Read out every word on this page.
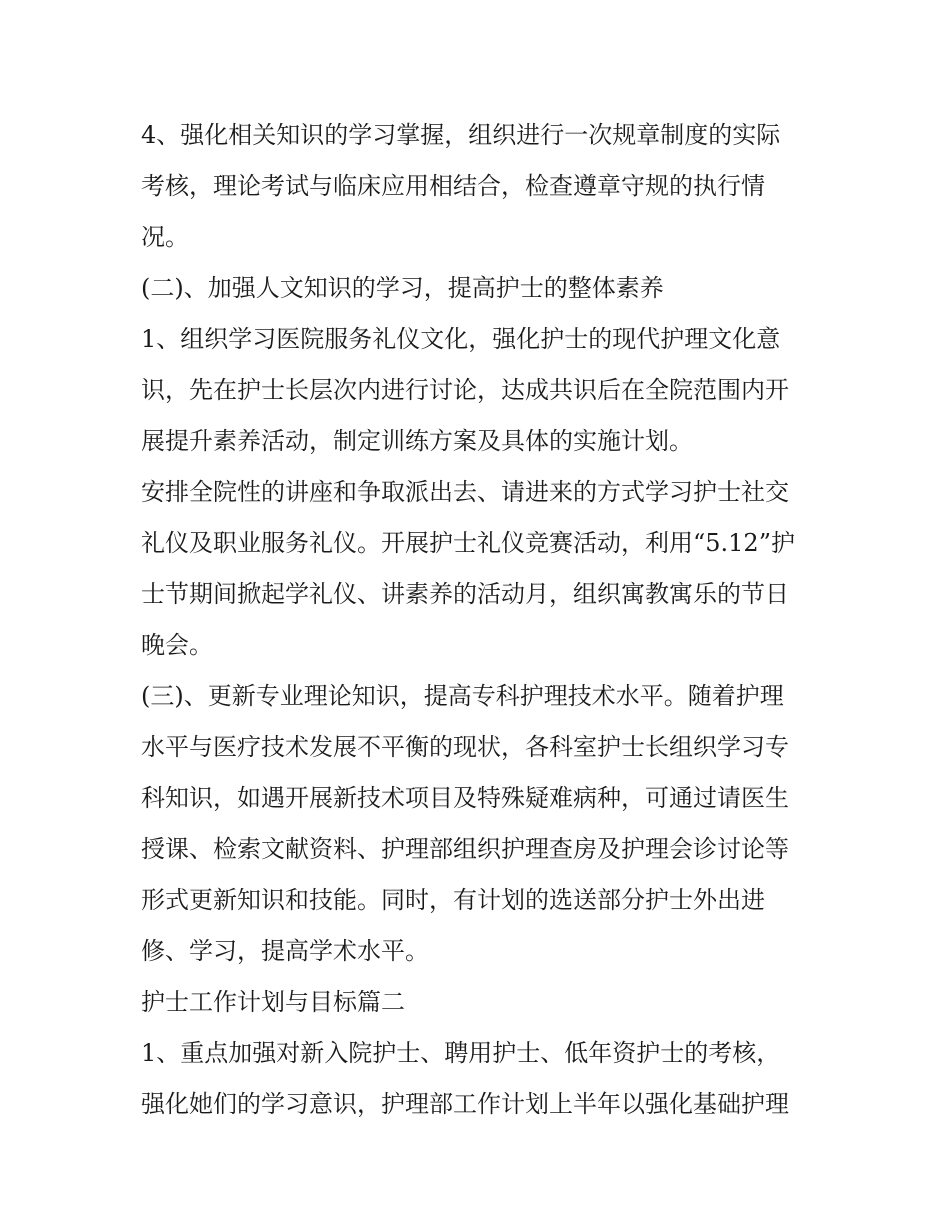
4、强化相关知识的学习掌握，组织进行一次规章制度的实际
考核，理论考试与临床应用相结合，检查遵章守规的执行情
况。
(二)、加强人文知识的学习，提高护士的整体素养
1、组织学习医院服务礼仪文化，强化护士的现代护理文化意
识，先在护士长层次内进行讨论，达成共识后在全院范围内开
展提升素养活动，制定训练方案及具体的实施计划。
安排全院性的讲座和争取派出去、请进来的方式学习护士社交
礼仪及职业服务礼仪。开展护士礼仪竞赛活动，利用“5.12”护
士节期间掀起学礼仪、讲素养的活动月，组织寓教寓乐的节日
晚会。
(三)、更新专业理论知识，提高专科护理技术水平。随着护理
水平与医疗技术发展不平衡的现状，各科室护士长组织学习专
科知识，如遇开展新技术项目及特殊疑难病种，可通过请医生
授课、检索文献资料、护理部组织护理查房及护理会诊讨论等
形式更新知识和技能。同时，有计划的选送部分护士外出进
修、学习，提高学术水平。
护士工作计划与目标篇二
1、重点加强对新入院护士、聘用护士、低年资护士的考核，
强化她们的学习意识，护理部工作计划上半年以强化基础护理
